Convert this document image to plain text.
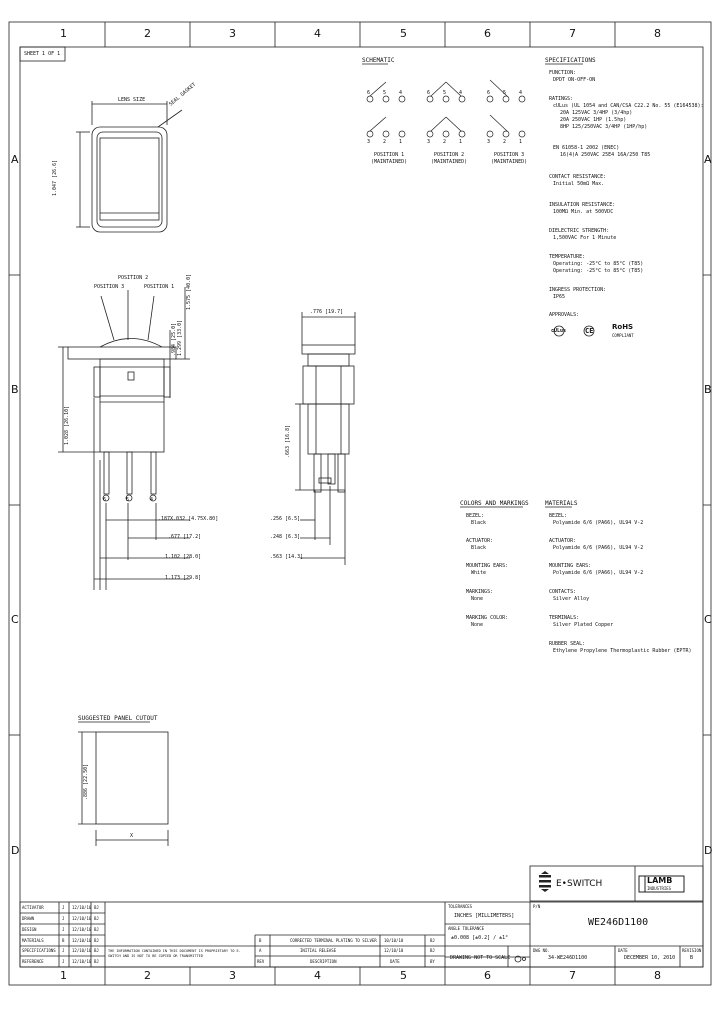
1	2	3	4	5	6	7	8
1	2	3	4	5	6	7	8
A
B
C
D
A
B
C
D
SHEET 1 OF 1
SCHEMATIC
6	5	4
3	2	1
6	5	4
3	2	1
6	5	4
3	2	1
POSITION 1
(MAINTAINED)
POSITION 2
(MAINTAINED)
POSITION 3
(MAINTAINED)
SPECIFICATIONS
FUNCTION:
DPDT ON-OFF-ON
RATINGS:
cULus (UL 1054 and CAN/CSA C22.2 No. 55 (E164538):
20A 125VAC 3/4HP (3/4hp)
20A 250VAC 1HP (1.5hp)
8HP 125/250VAC 3/4HP (1HP/hp)
EN 61058-1 2002 (ENEC)
16(4)A 250VAC 25E4 16A/250 T85
CONTACT RESISTANCE:
Initial 50mΩ Max.
INSULATION RESISTANCE:
100MΩ Min. at 500VDC
DIELECTRIC STRENGTH:
1,500VAC For 1 Minute
TEMPERATURE:
Operating: -25°C to 85°C (T85)
Operating: -25°C to 85°C (T85)
INGRESS PROTECTION:
IP65
APPROVALS:
cULus	CE	RoHS
COMPLIANT
LENS SIZE	SEAL GASKET
1.047 [26.6]
POSITION 2
POSITION 3	POSITION 1 1.575 [40.0]
1.299 [33.0]
.984 [25.0]
1.028 [26.10]
6	5	4
.187X.032 [4.75X.80]
.677 [17.2]
1.102 [28.0]
1.173 [29.8]
.776 [19.7]
.663 [16.8]
.256 [6.5]
.248 [6.3]
.563 [14.3]
COLORS AND MARKINGS
BEZEL:
Black
ACTUATOR:
Black
MOUNTING EARS:
White
MARKINGS:
None
MARKING COLOR:
None
MATERIALS
BEZEL:
Polyamide 6/6 (PA66), UL94 V-2
ACTUATOR:
Polyamide 6/6 (PA66), UL94 V-2
MOUNTING EARS:
Polyamide 6/6 (PA66), UL94 V-2
CONTACTS:
Silver Alloy
TERMINALS:
Silver Plated Copper
RUBBER SEAL:
Ethylene Propylene Thermoplastic Rubber (EPTR)
SUGGESTED PANEL CUTOUT
.886 [22.50]
X
E•SWITCH	LAMB
INDUSTRIES
ACTIVATOR	J 12/10/10 BJ
DRAWN	J 12/10/10 BJ
DESIGN	J 12/10/10 BJ
MATERIALS	B 12/10/10 BJ
SPECIFICATIONS J 12/10/10 BJ
REFERENCE	J 12/10/10 BJ
B	CORRECTED TERMINAL PLATING TO SILVER 10/10/10	BJ
A	INITIAL RELEASE	12/10/10	BJ
REV	DESCRIPTION	DATE	BY
THE INFORMATION CONTAINED IN THIS DOCUMENT IS PROPRIETARY TO E-SWITCH AND IS NOT TO BE COPIED OR TRANSMITTED
TOLERANCES
INCHES [MILLIMETERS]
ANGLE TOLERANCE
±0.008 [±0.2] / ±1°
DRAWING NOT TO SCALE
P/N
WE246D1100
DWG NO.
34-WE246D1100
DATE
DECEMBER 10, 2010
REVISION
B
